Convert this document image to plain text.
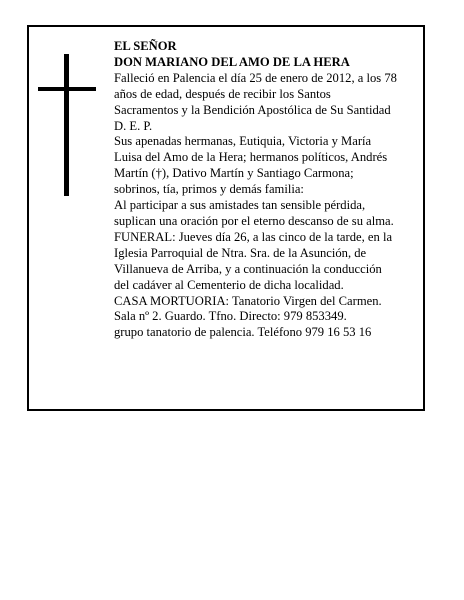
EL SEÑOR
DON MARIANO DEL AMO DE LA HERA
Falleció en Palencia el día 25 de enero de 2012, a los 78
años de edad, después de recibir los Santos
Sacramentos y la Bendición Apostólica de Su Santidad
D. E. P.
Sus apenadas hermanas, Eutiquia, Victoria y María
Luisa del Amo de la Hera; hermanos políticos, Andrés
Martín (†), Dativo Martín y Santiago Carmona;
sobrinos, tía, primos y demás familia:
Al participar a sus amistades tan sensible pérdida,
suplican una oración por el eterno descanso de su alma.
FUNERAL: Jueves día 26, a las cinco de la tarde, en la
Iglesia Parroquial de Ntra. Sra. de la Asunción, de
Villanueva de Arriba, y a continuación la conducción
del cadáver al Cementerio de dicha localidad.
CASA MORTUORIA: Tanatorio Virgen del Carmen.
Sala nº 2. Guardo. Tfno. Directo: 979 853349.
grupo tanatorio de palencia. Teléfono 979 16 53 16
